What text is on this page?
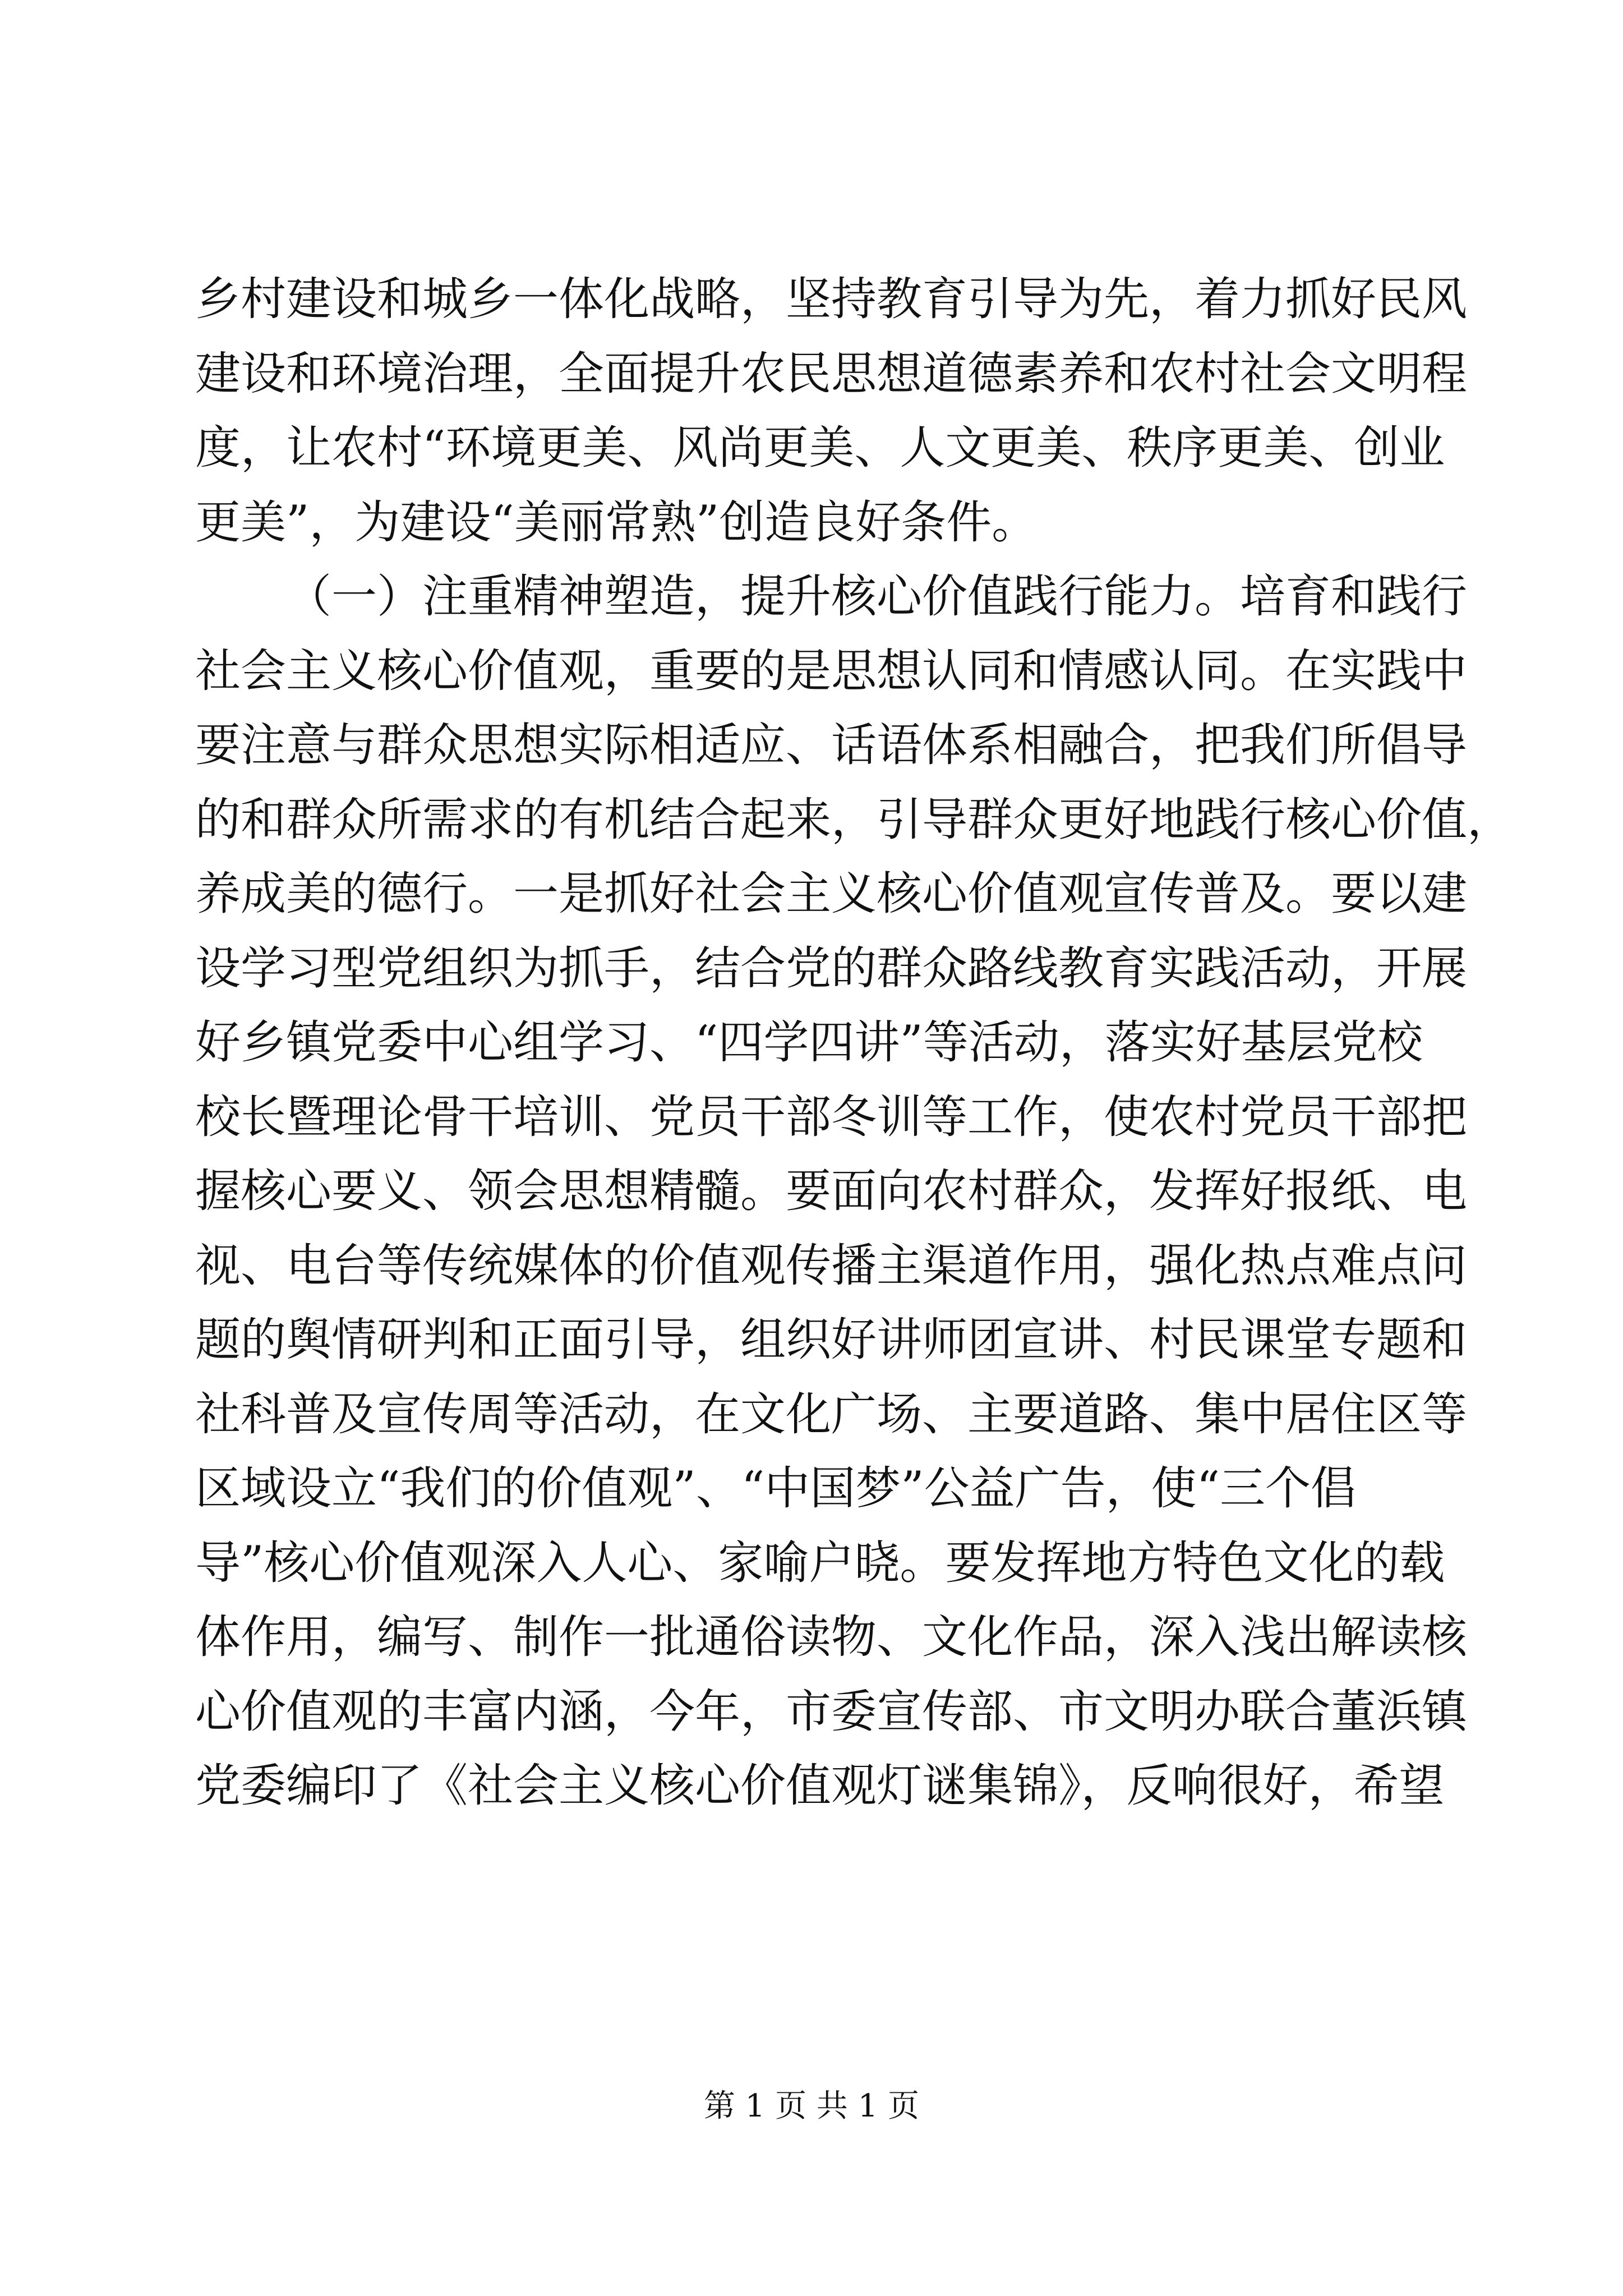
乡村建设和城乡一体化战略，坚持教育引导为先，着力抓好民风
建设和环境治理，全面提升农民思想道德素养和农村社会文明程
度，让农村“环境更美、风尚更美、人文更美、秩序更美、创业
更美”，为建设“美丽常熟”创造良好条件。
（一）注重精神塑造，提升核心价值践行能力。培育和践行
社会主义核心价值观，重要的是思想认同和情感认同。在实践中
要注意与群众思想实际相适应、话语体系相融合，把我们所倡导
的和群众所需求的有机结合起来，引导群众更好地践行核心价值，
养成美的德行。一是抓好社会主义核心价值观宣传普及。要以建
设学习型党组织为抓手，结合党的群众路线教育实践活动，开展
好乡镇党委中心组学习、“四学四讲”等活动，落实好基层党校
校长暨理论骨干培训、党员干部冬训等工作，使农村党员干部把
握核心要义、领会思想精髓。要面向农村群众，发挥好报纸、电
视、电台等传统媒体的价值观传播主渠道作用，强化热点难点问
题的舆情研判和正面引导，组织好讲师团宣讲、村民课堂专题和
社科普及宣传周等活动，在文化广场、主要道路、集中居住区等
区域设立“我们的价值观”、“中国梦”公益广告，使“三个倡
导”核心价值观深入人心、家喻户晓。要发挥地方特色文化的载
体作用，编写、制作一批通俗读物、文化作品，深入浅出解读核
心价值观的丰富内涵，今年，市委宣传部、市文明办联合董浜镇
党委编印了《社会主义核心价值观灯谜集锦》，反响很好，希望
第 1 页 共 1 页
